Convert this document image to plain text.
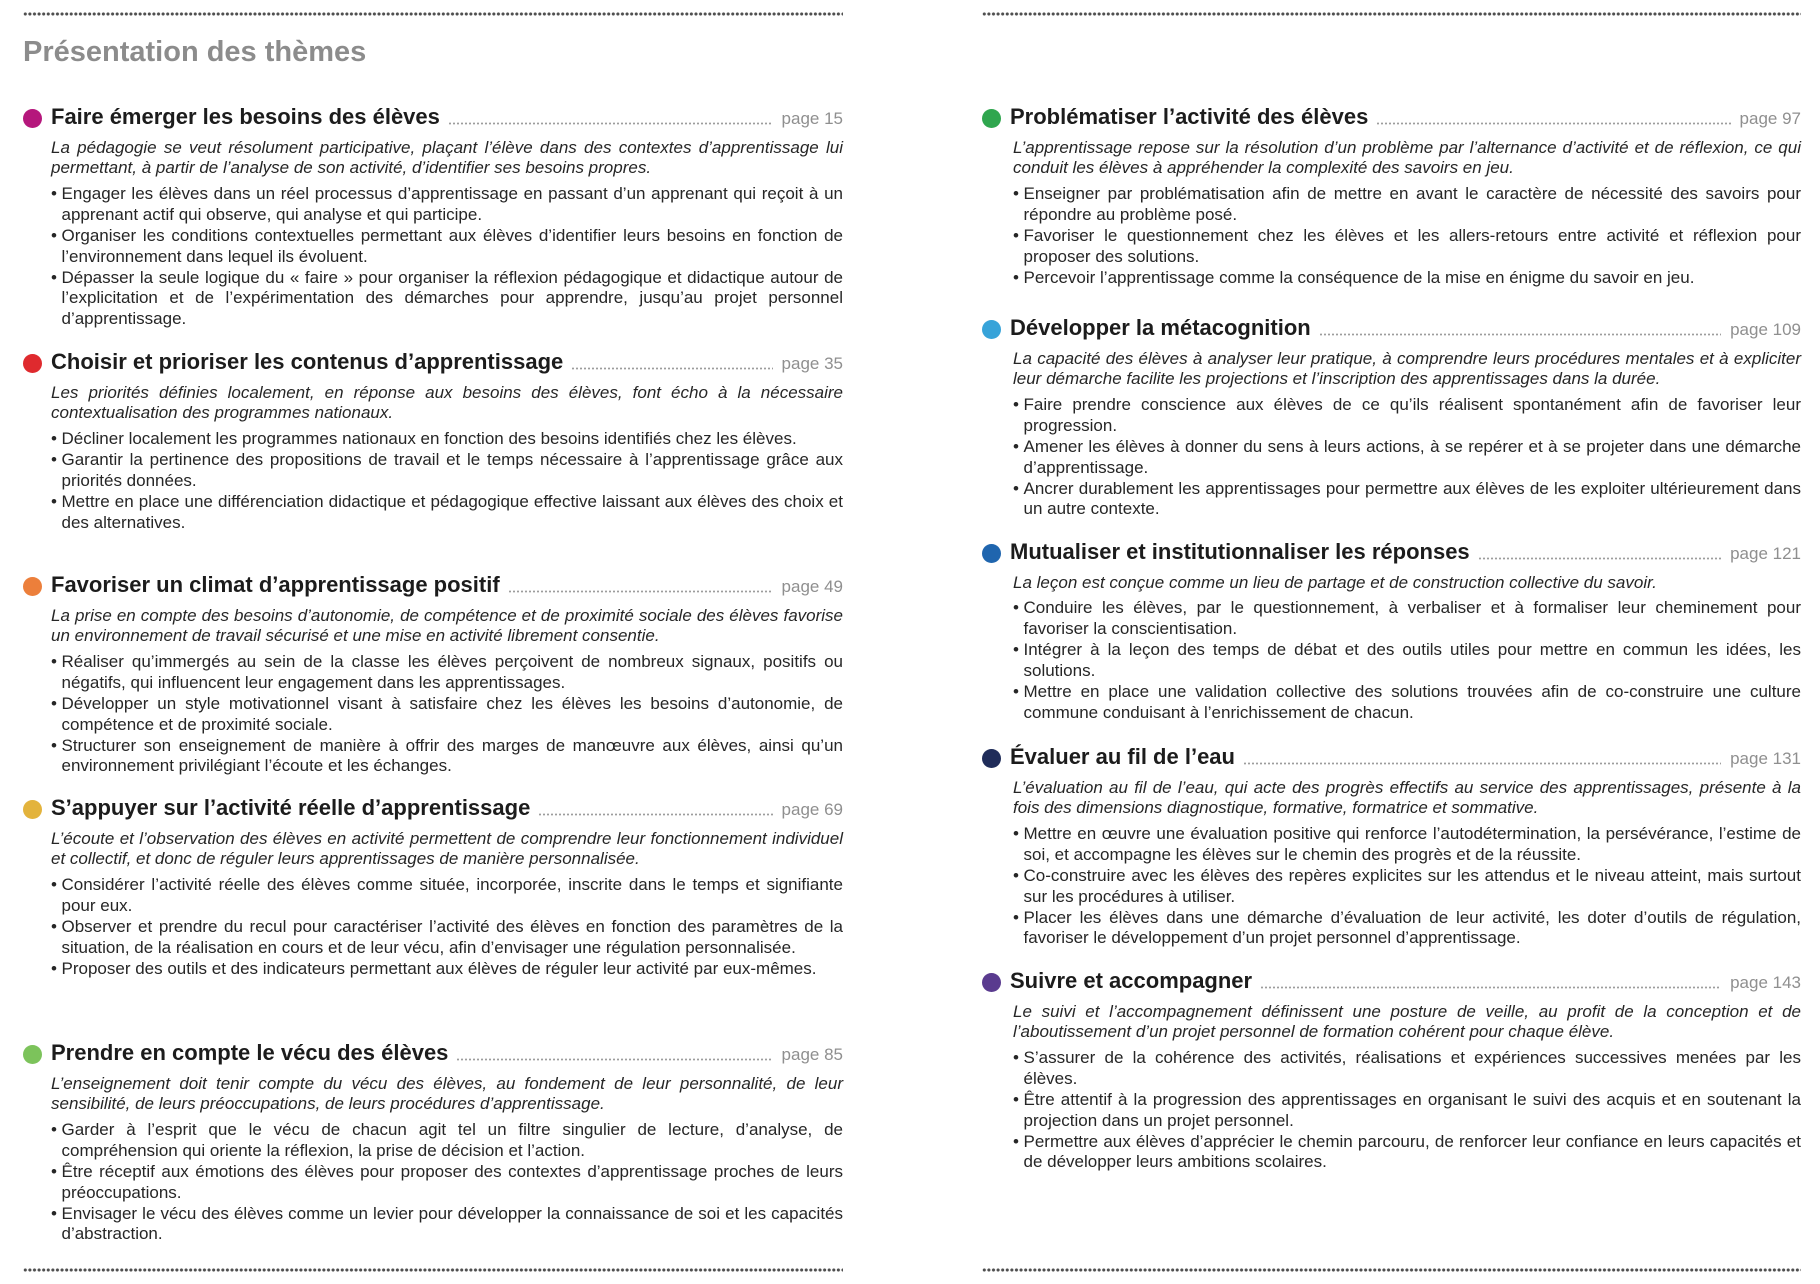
Présentation des thèmes
Faire émerger les besoins des élèves	page 15

La pédagogie se veut résolument participative, plaçant l’élève dans des contextes d’apprentissage lui permettant, à partir de l’analyse de son activité, d’identifier ses besoins propres.

• Engager les élèves dans un réel processus d’apprentissage en passant d’un apprenant qui reçoit à un apprenant actif qui observe, qui analyse et qui participe.
• Organiser les conditions contextuelles permettant aux élèves d’identifier leurs besoins en fonction de l’environnement dans lequel ils évoluent.
• Dépasser la seule logique du « faire » pour organiser la réflexion pédagogique et didactique autour de l’explicitation et de l’expérimentation des démarches pour apprendre, jusqu’au projet personnel d’apprentissage.
Choisir et prioriser les contenus d’apprentissage	page 35

Les priorités définies localement, en réponse aux besoins des élèves, font écho à la nécessaire contextualisation des programmes nationaux.

• Décliner localement les programmes nationaux en fonction des besoins identifiés chez les élèves.
• Garantir la pertinence des propositions de travail et le temps nécessaire à l’apprentissage grâce aux priorités données.
• Mettre en place une différenciation didactique et pédagogique effective laissant aux élèves des choix et des alternatives.
Favoriser un climat d’apprentissage positif	page 49

La prise en compte des besoins d’autonomie, de compétence et de proximité sociale des élèves favorise un environnement de travail sécurisé et une mise en activité librement consentie.

• Réaliser qu’immergés au sein de la classe les élèves perçoivent de nombreux signaux, positifs ou négatifs, qui influencent leur engagement dans les apprentissages.
• Développer un style motivationnel visant à satisfaire chez les élèves les besoins d’autonomie, de compétence et de proximité sociale.
• Structurer son enseignement de manière à offrir des marges de manœuvre aux élèves, ainsi qu’un environnement privilégiant l’écoute et les échanges.
S’appuyer sur l’activité réelle d’apprentissage	page 69

L’écoute et l’observation des élèves en activité permettent de comprendre leur fonctionnement individuel et collectif, et donc de réguler leurs apprentissages de manière personnalisée.

• Considérer l’activité réelle des élèves comme située, incorporée, inscrite dans le temps et signifiante pour eux.
• Observer et prendre du recul pour caractériser l’activité des élèves en fonction des paramètres de la situation, de la réalisation en cours et de leur vécu, afin d’envisager une régulation personnalisée.
• Proposer des outils et des indicateurs permettant aux élèves de réguler leur activité par eux-mêmes.
Prendre en compte le vécu des élèves	page 85

L’enseignement doit tenir compte du vécu des élèves, au fondement de leur personnalité, de leur sensibilité, de leurs préoccupations, de leurs procédures d’apprentissage.

• Garder à l’esprit que le vécu de chacun agit tel un filtre singulier de lecture, d’analyse, de compréhension qui oriente la réflexion, la prise de décision et l’action.
• Être réceptif aux émotions des élèves pour proposer des contextes d’apprentissage proches de leurs préoccupations.
• Envisager le vécu des élèves comme un levier pour développer la connaissance de soi et les capacités d’abstraction.
Problématiser l’activité des élèves	page 97

L’apprentissage repose sur la résolution d’un problème par l’alternance d’activité et de réflexion, ce qui conduit les élèves à appréhender la complexité des savoirs en jeu.

• Enseigner par problématisation afin de mettre en avant le caractère de nécessité des savoirs pour répondre au problème posé.
• Favoriser le questionnement chez les élèves et les allers-retours entre activité et réflexion pour proposer des solutions.
• Percevoir l’apprentissage comme la conséquence de la mise en énigme du savoir en jeu.
Développer la métacognition	page 109

La capacité des élèves à analyser leur pratique, à comprendre leurs procédures mentales et à expliciter leur démarche facilite les projections et l’inscription des apprentissages dans la durée.

• Faire prendre conscience aux élèves de ce qu’ils réalisent spontanément afin de favoriser leur progression.
• Amener les élèves à donner du sens à leurs actions, à se repérer et à se projeter dans une démarche d’apprentissage.
• Ancrer durablement les apprentissages pour permettre aux élèves de les exploiter ultérieurement dans un autre contexte.
Mutualiser et institutionnaliser les réponses	page 121

La leçon est conçue comme un lieu de partage et de construction collective du savoir.

• Conduire les élèves, par le questionnement, à verbaliser et à formaliser leur cheminement pour favoriser la conscientisation.
• Intégrer à la leçon des temps de débat et des outils utiles pour mettre en commun les idées, les solutions.
• Mettre en place une validation collective des solutions trouvées afin de co-construire une culture commune conduisant à l’enrichissement de chacun.
Évaluer au fil de l’eau	page 131

L’évaluation au fil de l’eau, qui acte des progrès effectifs au service des apprentissages, présente à la fois des dimensions diagnostique, formative, formatrice et sommative.

• Mettre en œuvre une évaluation positive qui renforce l’autodétermination, la persévérance, l’estime de soi, et accompagne les élèves sur le chemin des progrès et de la réussite.
• Co-construire avec les élèves des repères explicites sur les attendus et le niveau atteint, mais surtout sur les procédures à utiliser.
• Placer les élèves dans une démarche d’évaluation de leur activité, les doter d’outils de régulation, favoriser le développement d’un projet personnel d’apprentissage.
Suivre et accompagner	page 143

Le suivi et l’accompagnement définissent une posture de veille, au profit de la conception et de l’aboutissement d’un projet personnel de formation cohérent pour chaque élève.

• S’assurer de la cohérence des activités, réalisations et expériences successives menées par les élèves.
• Être attentif à la progression des apprentissages en organisant le suivi des acquis et en soutenant la projection dans un projet personnel.
• Permettre aux élèves d’apprécier le chemin parcouru, de renforcer leur confiance en leurs capacités et de développer leurs ambitions scolaires.
